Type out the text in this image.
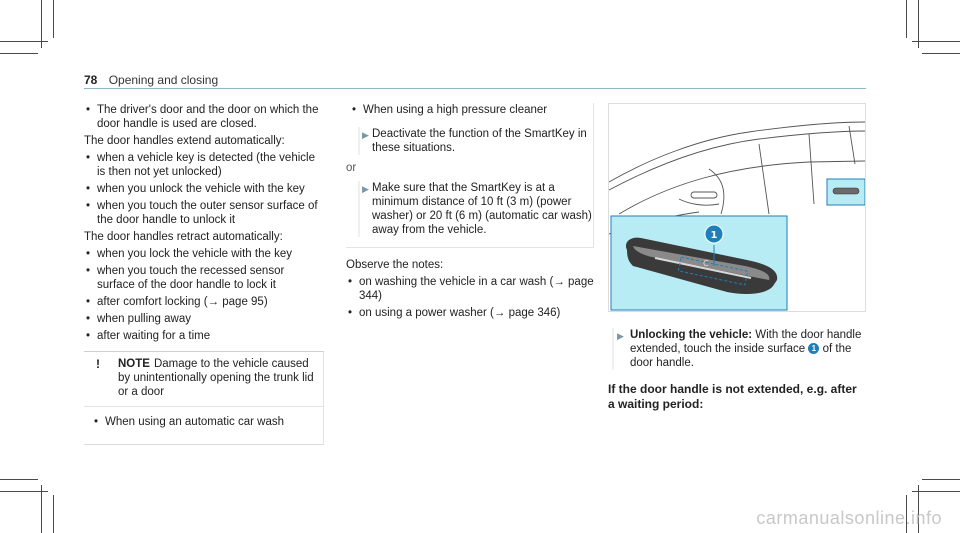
78 Opening and closing
• The driver's door and the door on which the door handle is used are closed.

The door handles extend automatically:

• when a vehicle key is detected (the vehicle is then not yet unlocked)
• when you unlock the vehicle with the key
• when you touch the outer sensor surface of the door handle to unlock it

The door handles retract automatically:

• when you lock the vehicle with the key
• when you touch the recessed sensor surface of the door handle to lock it
• after comfort locking (→ page 95)
• when pulling away
• after waiting for a time
!	NOTE Damage to the vehicle caused by unintentionally opening the trunk lid or a door
• When using an automatic car wash
• When using a high pressure cleaner
▶ Deactivate the function of the SmartKey in these situations.
or
▶ Make sure that the SmartKey is at a minimum distance of 10 ft (3 m) (power washer) or 20 ft (6 m) (automatic car wash) away from the vehicle.

Observe the notes:

• on washing the vehicle in a car wash (→ page 344)
• on using a power washer (→ page 346)
C
1
▶ Unlocking the vehicle: With the door handle extended, touch the inside surface 1 of the door handle.
If the door handle is not extended, e.g. after a waiting period:
carmanualsonline.info
